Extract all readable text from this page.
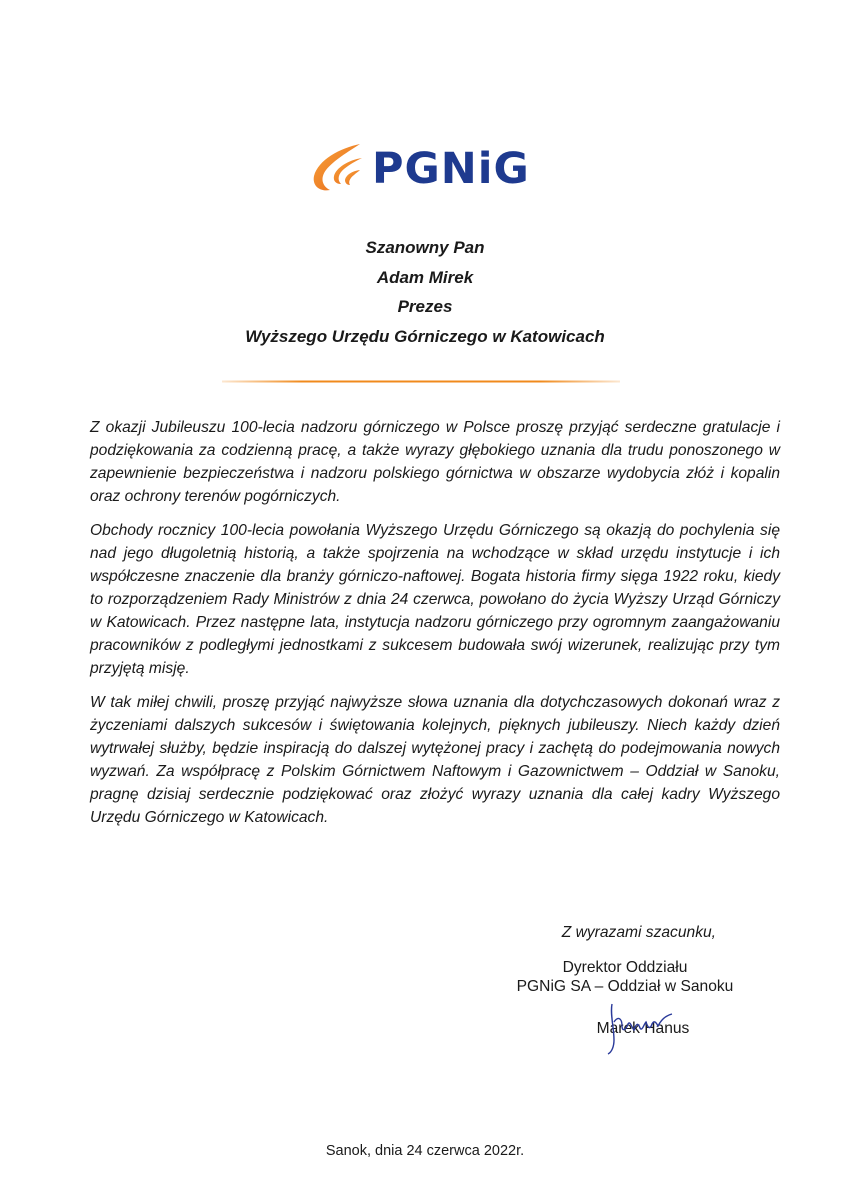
PGNiG
Szanowny Pan
Adam Mirek
Prezes
Wyższego Urzędu Górniczego w Katowicach

Z okazji Jubileuszu 100-lecia nadzoru górniczego w Polsce proszę przyjąć serdeczne gratulacje i podziękowania za codzienną pracę, a także wyrazy głębokiego uznania dla trudu ponoszonego w zapewnienie bezpieczeństwa i nadzoru polskiego górnictwa w obszarze wydobycia złóż i kopalin oraz ochrony terenów pogórniczych.

Obchody rocznicy 100-lecia powołania Wyższego Urzędu Górniczego są okazją do pochylenia się nad jego długoletnią historią, a także spojrzenia na wchodzące w skład urzędu instytucje i ich współczesne znaczenie dla branży górniczo-naftowej. Bogata historia firmy sięga 1922 roku, kiedy to rozporządzeniem Rady Ministrów z dnia 24 czerwca, powołano do życia Wyższy Urząd Górniczy w Katowicach. Przez następne lata, instytucja nadzoru górniczego przy ogromnym zaangażowaniu pracowników z podległymi jednostkami z sukcesem budowała swój wizerunek, realizując przy tym przyjętą misję.

W tak miłej chwili, proszę przyjąć najwyższe słowa uznania dla dotychczasowych dokonań wraz z życzeniami dalszych sukcesów i świętowania kolejnych, pięknych jubileuszy. Niech każdy dzień wytrwałej służby, będzie inspiracją do dalszej wytężonej pracy i zachętą do podejmowania nowych wyzwań. Za współpracę z Polskim Górnictwem Naftowym i Gazownictwem – Oddział w Sanoku, pragnę dzisiaj serdecznie podziękować oraz złożyć wyrazy uznania dla całej kadry Wyższego Urzędu Górniczego w Katowicach.

Z wyrazami szacunku,
Dyrektor Oddziału
PGNiG SA – Oddział w Sanoku
Marek Hanus
Sanok, dnia 24 czerwca 2022r.
